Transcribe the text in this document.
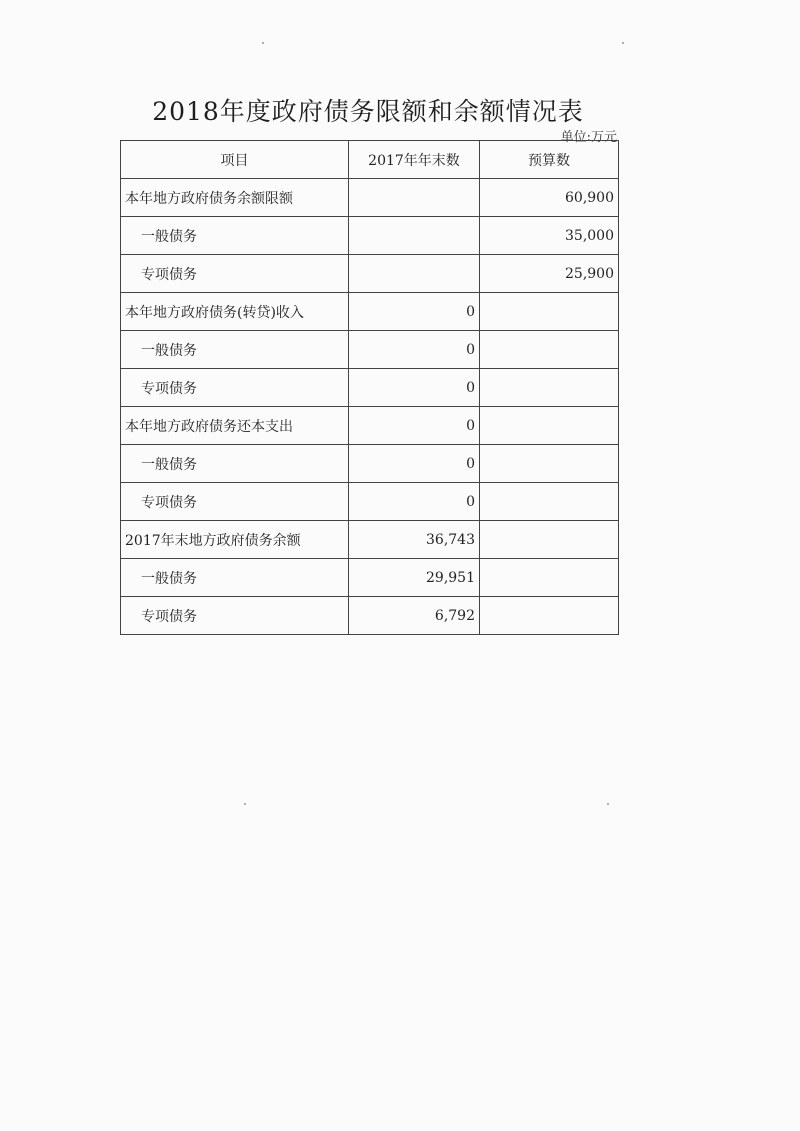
2018年度政府债务限额和余额情况表
单位:万元
项目	2017年年末数	预算数
本年地方政府债务余额限额		60,900
一般债务		35,000
专项债务		25,900
本年地方政府债务(转贷)收入	0	
一般债务	0	
专项债务	0	
本年地方政府债务还本支出	0	
一般债务	0	
专项债务	0	
2017年末地方政府债务余额	36,743	
一般债务	29,951	
专项债务	6,792	
